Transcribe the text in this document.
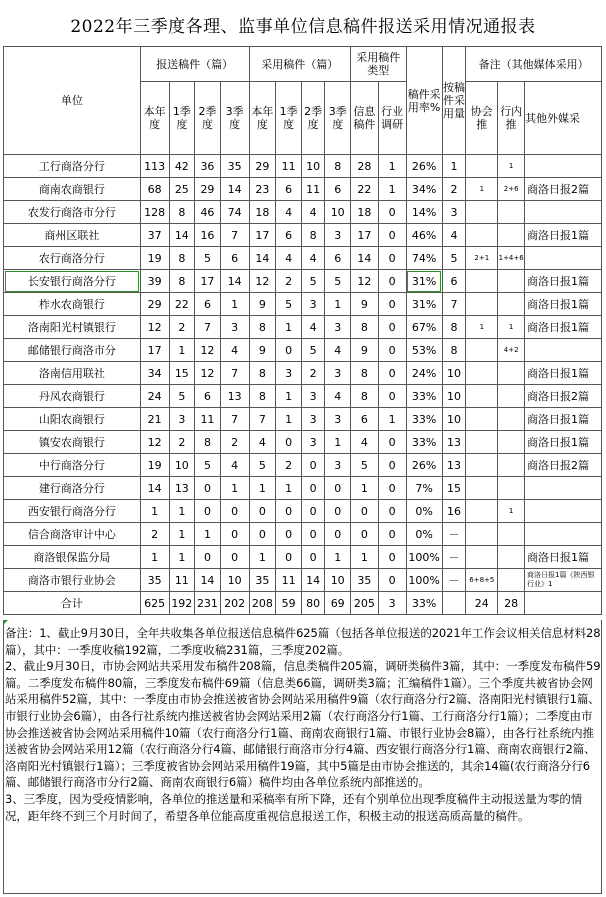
2022年三季度各理、监事单位信息稿件报送采用情况通报表
单位	报送稿件（篇）				采用稿件（篇）				采用稿件类型		稿件采用率%	按稿件采用量	备注（其他媒体采用）		
	本年度	1季度	2季度	3季度	本年度	1季度	2季度	3季度	信息稿件	行业调研			协会推	行内推	其他外媒采
工行商洛分行	113	42	36	35	29	11	10	8	28	1	26%	1		1	
商南农商银行	68	25	29	14	23	6	11	6	22	1	34%	2	1	2+6	商洛日报2篇
农发行商洛市分行	128	8	46	74	18	4	4	10	18	0	14%	3			
商州区联社	37	14	16	7	17	6	8	3	17	0	46%	4			商洛日报1篇
农行商洛分行	19	8	5	6	14	4	4	6	14	0	74%	5	2+1	1+4+6	
长安银行商洛分行	39	8	17	14	12	2	5	5	12	0	31%	6			商洛日报1篇
柞水农商银行	29	22	6	1	9	5	3	1	9	0	31%	7			商洛日报1篇
洛南阳光村镇银行	12	2	7	3	8	1	4	3	8	0	67%	8	1	1	商洛日报1篇
邮储银行商洛市分	17	1	12	4	9	0	5	4	9	0	53%	8		4+2	
洛南信用联社	34	15	12	7	8	3	2	3	8	0	24%	10			商洛日报1篇
丹凤农商银行	24	5	6	13	8	1	3	4	8	0	33%	10			商洛日报2篇
山阳农商银行	21	3	11	7	7	1	3	3	6	1	33%	10			商洛日报1篇
镇安农商银行	12	2	8	2	4	0	3	1	4	0	33%	13			商洛日报1篇
中行商洛分行	19	10	5	4	5	2	0	3	5	0	26%	13			商洛日报2篇
建行商洛分行	14	13	0	1	1	1	0	0	1	0	7%	15			
西安银行商洛分行	1	1	0	0	0	0	0	0	0	0	0%	16		1	
信合商洛审计中心	2	1	1	0	0	0	0	0	0	0	0%	－			
商洛银保监分局	1	1	0	0	1	0	0	1	1	0	100%	－			商洛日报1篇
商洛市银行业协会	35	11	14	10	35	11	14	10	35	0	100%	－	6+8+5		商洛日报1篇《陕西银行业》1
合计	625	192	231	202	208	59	80	69	205	3	33%		24	28	

备注：1、截止9月30日，全年共收集各单位报送信息稿件625篇（包括各单位报送的2021年工作会议相关信息材料28篇），其中：一季度收稿192篇，二季度收稿231篇，三季度202篇。

2、截止9月30日，市协会网站共采用发布稿件208篇，信息类稿件205篇，调研类稿件3篇，其中：一季度发布稿件59篇。二季度发布稿件80篇，三季度发布稿件69篇（信息类66篇，调研类3篇；汇编稿件1篇）。三个季度共被省协会网站采用稿件52篇，其中：一季度由市协会推送被省协会网站采用稿件9篇（农行商洛分行2篇、洛南阳光村镇银行1篇、市银行业协会6篇），由各行社系统内推送被省协会网站采用2篇（农行商洛分行1篇、工行商洛分行1篇）；二季度由市协会推送被省协会网站采用稿件10篇（农行商洛分行1篇、商南农商银行1篇、市银行业协会8篇），由各行社系统内推送被省协会网站采用12篇（农行商洛分行4篇、邮储银行商洛市分行4篇、西安银行商洛分行1篇、商南农商银行2篇、洛南阳光村镇银行1篇）；三季度被省协会网站采用稿件19篇，其中5篇是由市协会推送的，其余14篇(农行商洛分行6篇、邮储银行商洛市分行2篇、商南农商银行6篇）稿件均由各单位系统内部推送的。

3、三季度，因为受疫情影响，各单位的推送量和采稿率有所下降，还有个别单位出现季度稿件主动报送量为零的情况，距年终不到三个月时间了，希望各单位能高度重视信息报送工作，积极主动的报送高质高量的稿件。
